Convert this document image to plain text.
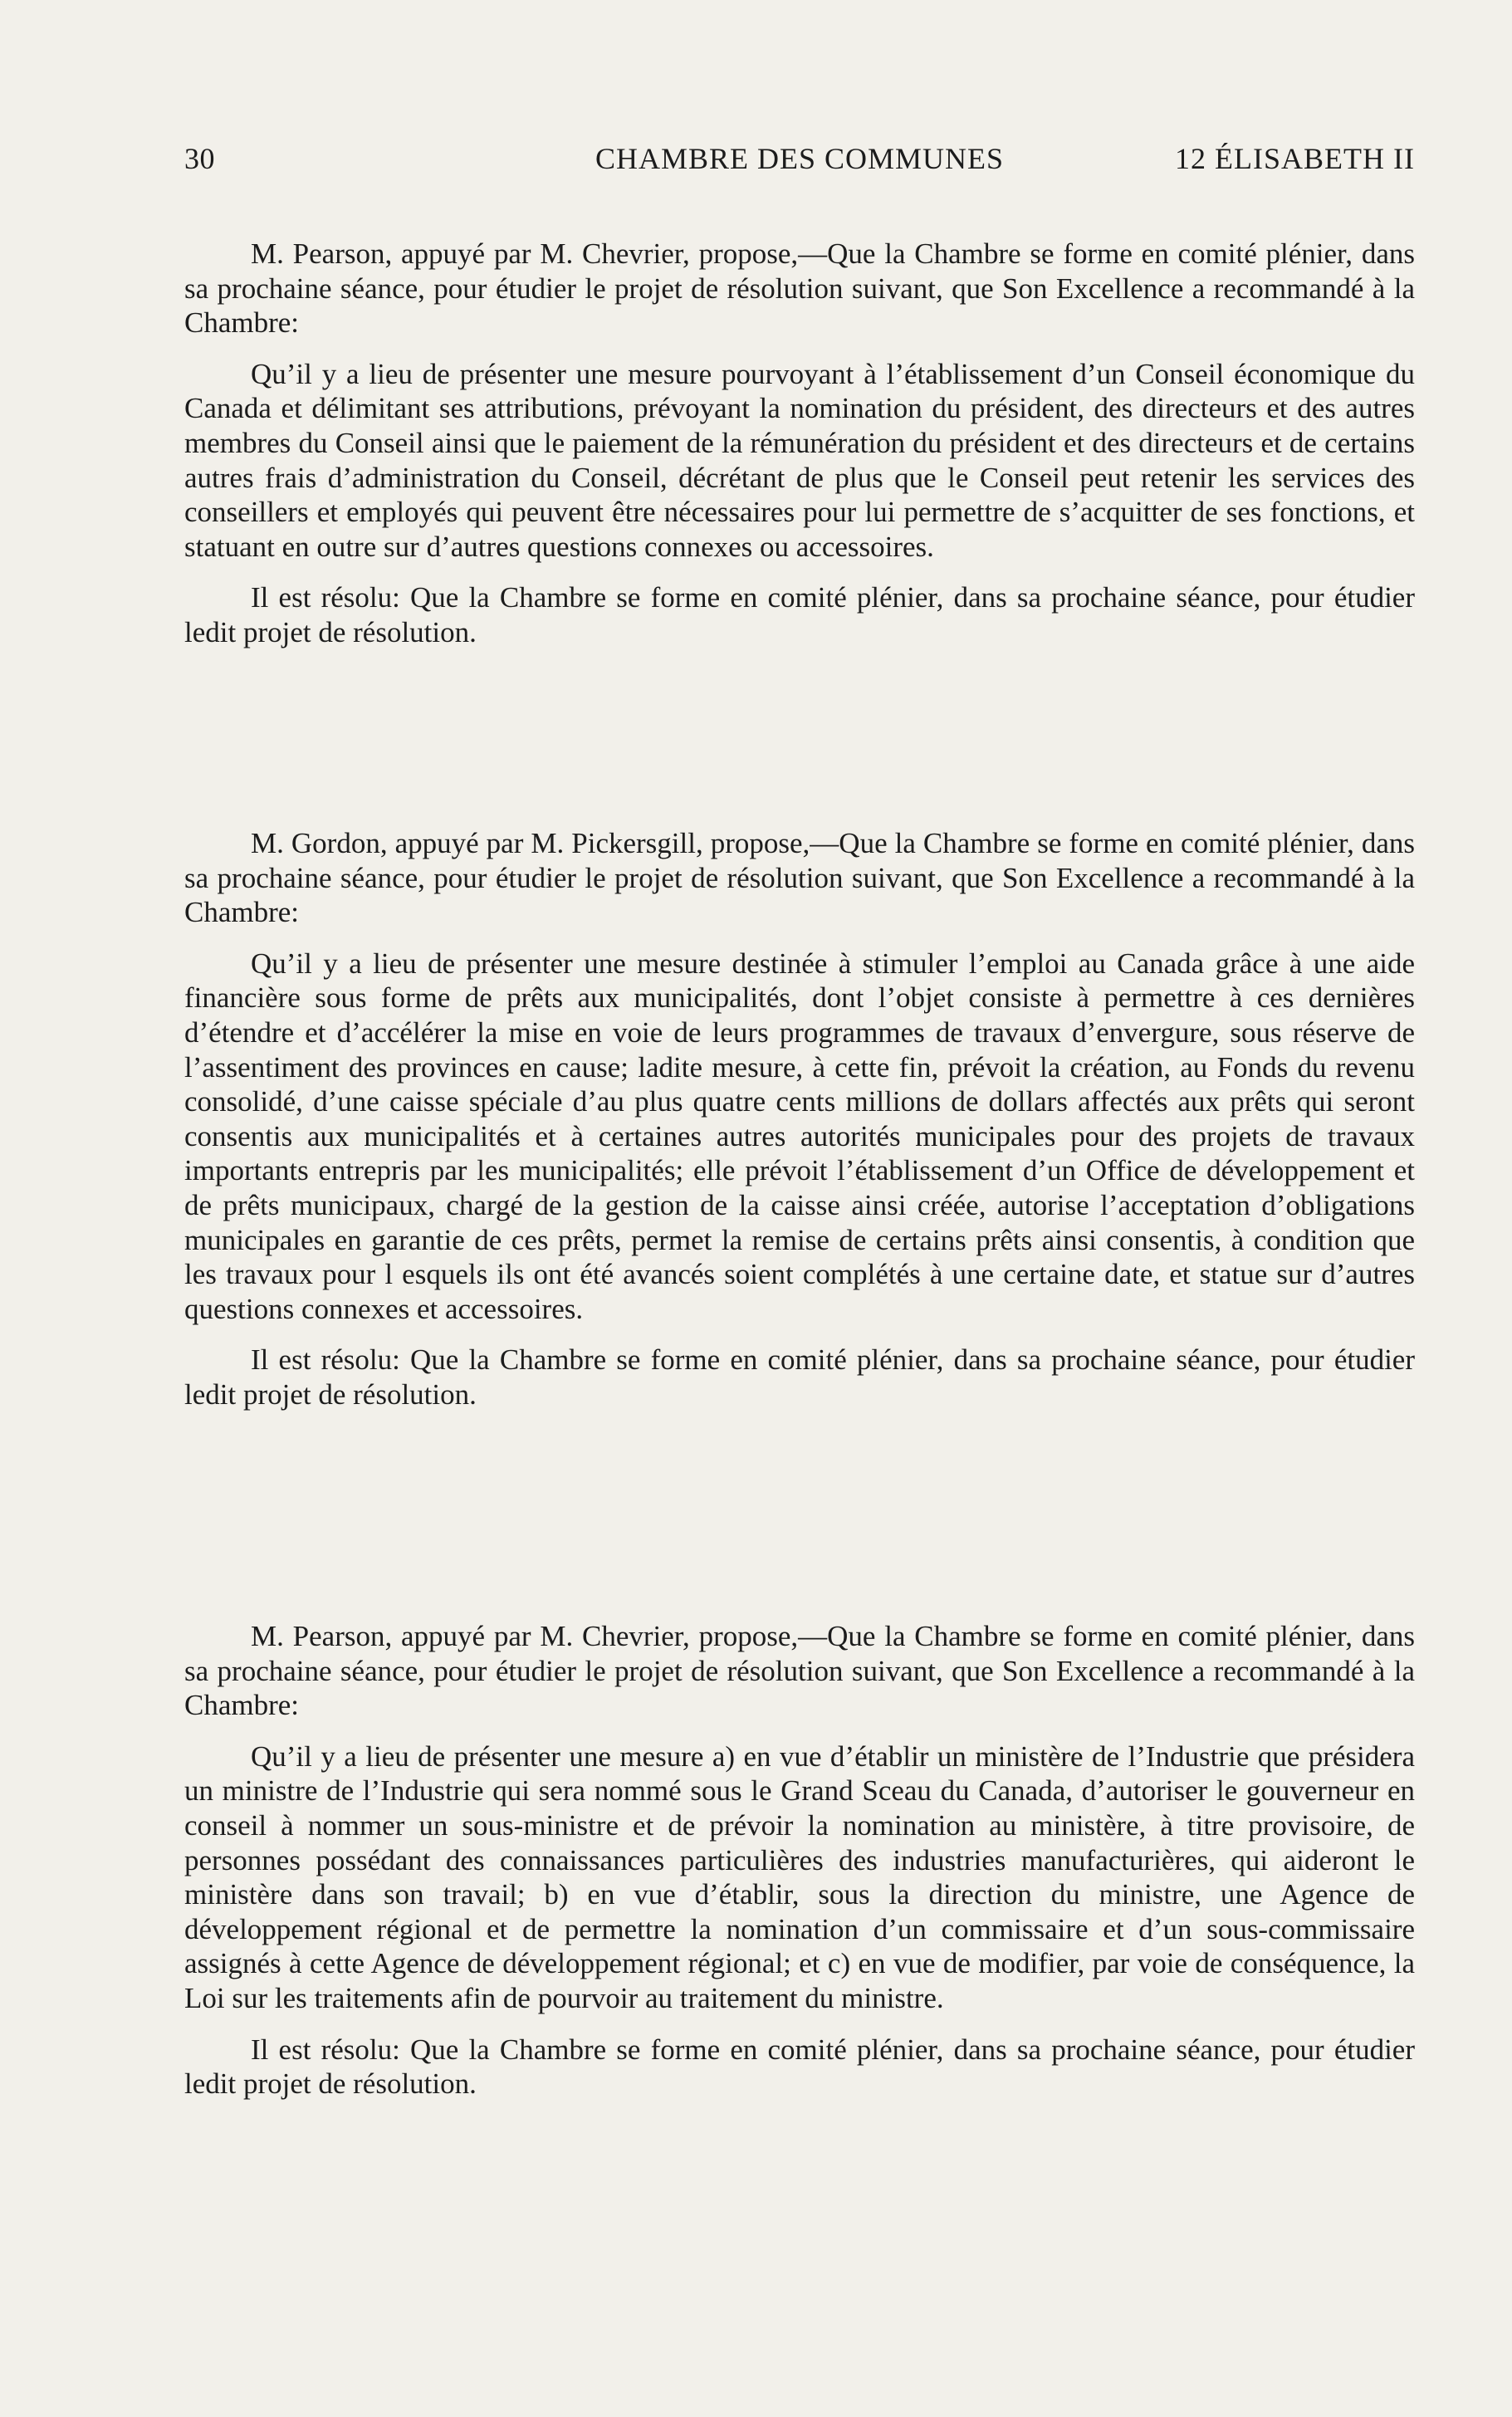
30	CHAMBRE DES COMMUNES	12 ÉLISABETH II

M. Pearson, appuyé par M. Chevrier, propose,—Que la Chambre se forme en comité plénier, dans sa prochaine séance, pour étudier le projet de résolution suivant, que Son Excellence a recommandé à la Chambre:

Qu’il y a lieu de présenter une mesure pourvoyant à l’établissement d’un Conseil économique du Canada et délimitant ses attributions, prévoyant la nomination du président, des directeurs et des autres membres du Conseil ainsi que le paiement de la rémunération du président et des directeurs et de certains autres frais d’administration du Conseil, décrétant de plus que le Conseil peut retenir les services des conseillers et employés qui peuvent être nécessaires pour lui permettre de s’acquitter de ses fonctions, et statuant en outre sur d’autres questions connexes ou accessoires.

Il est résolu: Que la Chambre se forme en comité plénier, dans sa prochaine séance, pour étudier ledit projet de résolution.

M. Gordon, appuyé par M. Pickersgill, propose,—Que la Chambre se forme en comité plénier, dans sa prochaine séance, pour étudier le projet de résolution suivant, que Son Excellence a recommandé à la Chambre:

Qu’il y a lieu de présenter une mesure destinée à stimuler l’emploi au Canada grâce à une aide financière sous forme de prêts aux municipalités, dont l’objet consiste à permettre à ces dernières d’étendre et d’accélérer la mise en voie de leurs programmes de travaux d’envergure, sous réserve de l’assentiment des provinces en cause; ladite mesure, à cette fin, prévoit la création, au Fonds du revenu consolidé, d’une caisse spéciale d’au plus quatre cents millions de dollars affectés aux prêts qui seront consentis aux municipalités et à certaines autres autorités municipales pour des projets de travaux importants entrepris par les municipalités; elle prévoit l’établissement d’un Office de développement et de prêts municipaux, chargé de la gestion de la caisse ainsi créée, autorise l’acceptation d’obligations municipales en garantie de ces prêts, permet la remise de certains prêts ainsi consentis, à condition que les travaux pour l esquels ils ont été avancés soient complétés à une certaine date, et statue sur d’autres questions connexes et accessoires.

Il est résolu: Que la Chambre se forme en comité plénier, dans sa prochaine séance, pour étudier ledit projet de résolution.

M. Pearson, appuyé par M. Chevrier, propose,—Que la Chambre se forme en comité plénier, dans sa prochaine séance, pour étudier le projet de résolution suivant, que Son Excellence a recommandé à la Chambre:

Qu’il y a lieu de présenter une mesure a) en vue d’établir un ministère de l’Industrie que présidera un ministre de l’Industrie qui sera nommé sous le Grand Sceau du Canada, d’autoriser le gouverneur en conseil à nommer un sous-ministre et de prévoir la nomination au ministère, à titre provisoire, de personnes possédant des connaissances particulières des industries manufacturières, qui aideront le ministère dans son travail; b) en vue d’établir, sous la direction du ministre, une Agence de développement régional et de permettre la nomination d’un commissaire et d’un sous-commissaire assignés à cette Agence de développement régional; et c) en vue de modifier, par voie de conséquence, la Loi sur les traitements afin de pourvoir au traitement du ministre.

Il est résolu: Que la Chambre se forme en comité plénier, dans sa prochaine séance, pour étudier ledit projet de résolution.
